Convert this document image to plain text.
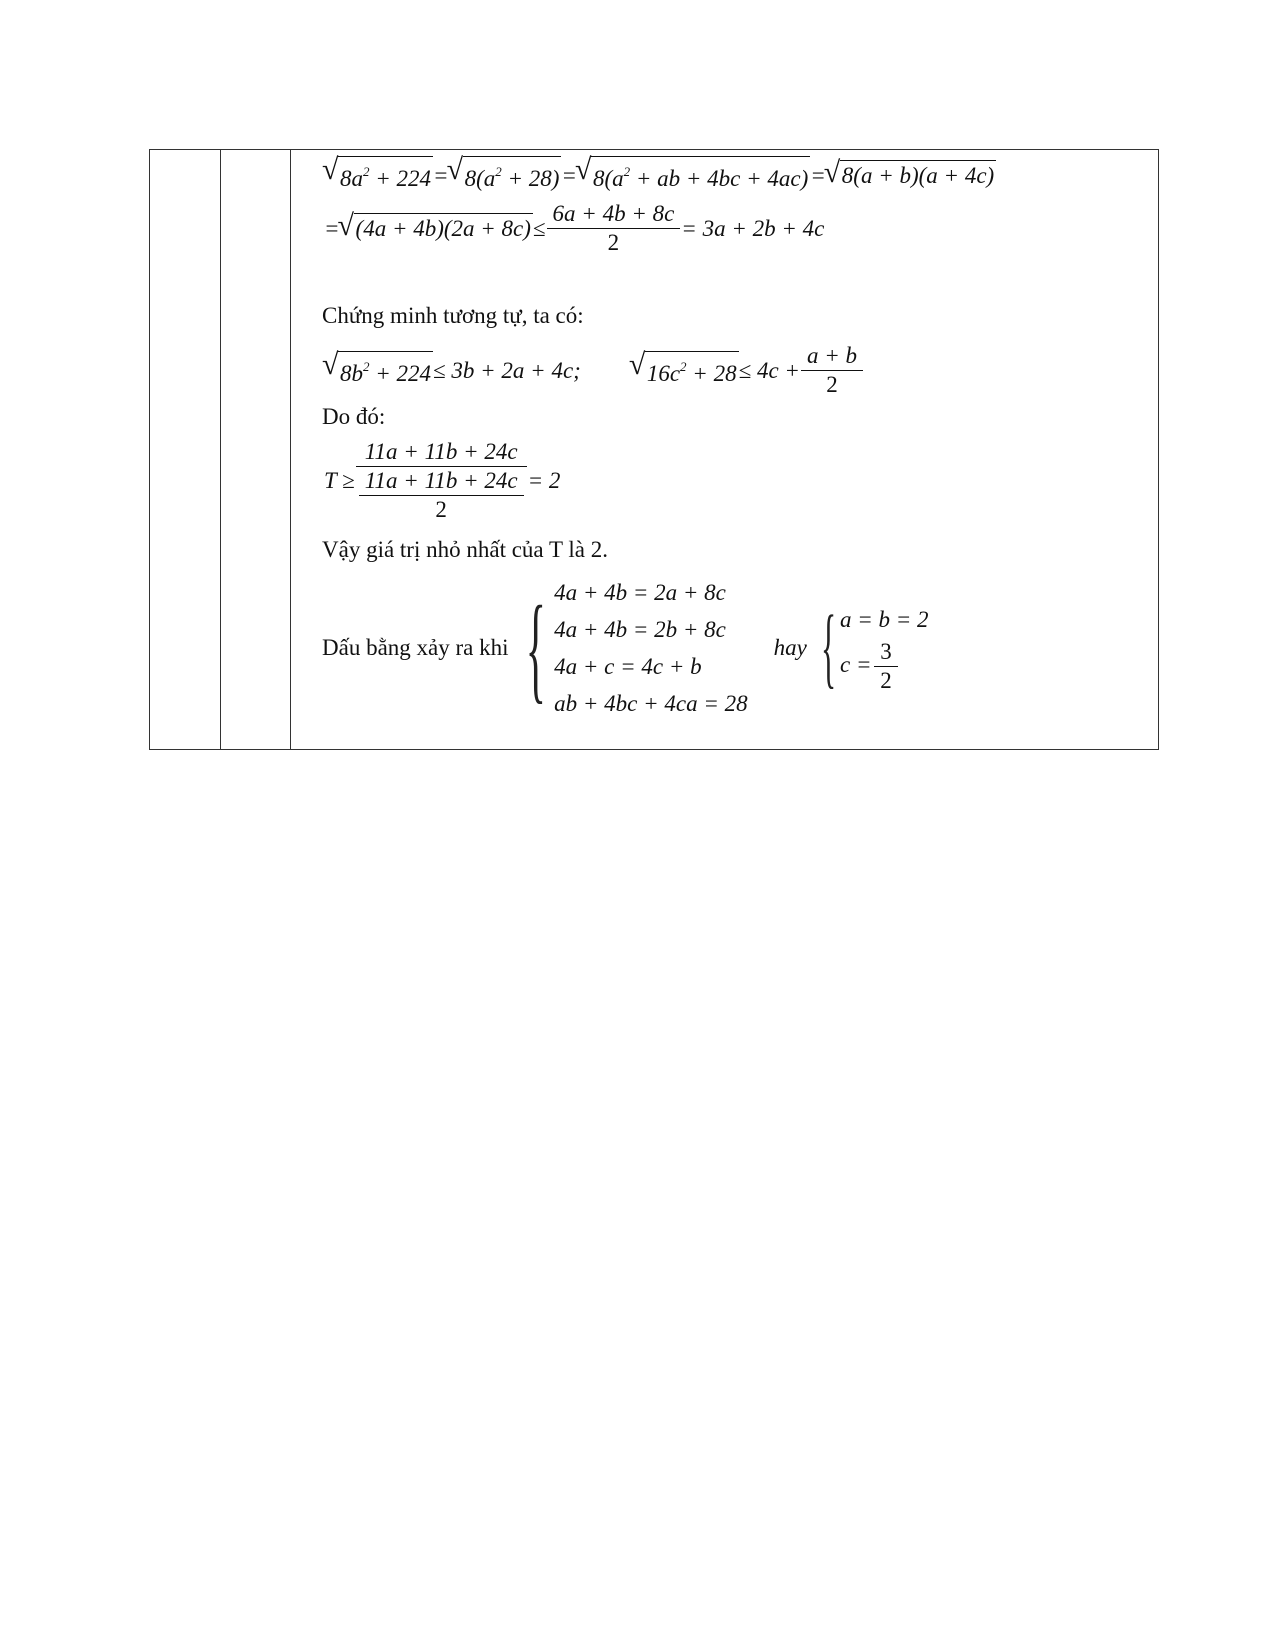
√ $8a^2 + 224=√$ $8(a^2 + 28)=√$ $8(a^2$ + ab + 4bc + 4ac)=√ 8(a + b)(a + 4c)
=√ $(4a + 4b)(2a + 8c)\le \frac{6a + 4b + 8c}{2} = 3a + 2b + 4c$
Chứng minh tương tự, ta có:
√ $8b^2 + 224\le 3b + 2a$ + 4c;√	$16c^2 + 28\le 4c + \frac{a + b}{2}$
Do đó:
$T \ge \frac{11a + 11b + 24c}{\frac{11a + 11b + 24c}{2}} = 2$
Vậy giá trị nhỏ nhất của T là 2.
Dấu bằng xảy ra khi { 4a + 4b = 2a + 8c
4a + 4b = 2b + 8c
4a + c = 4c + b
ab + 4bc + 4ca = 28
hay { a = b = 2
$c = \frac{3}{2}$
